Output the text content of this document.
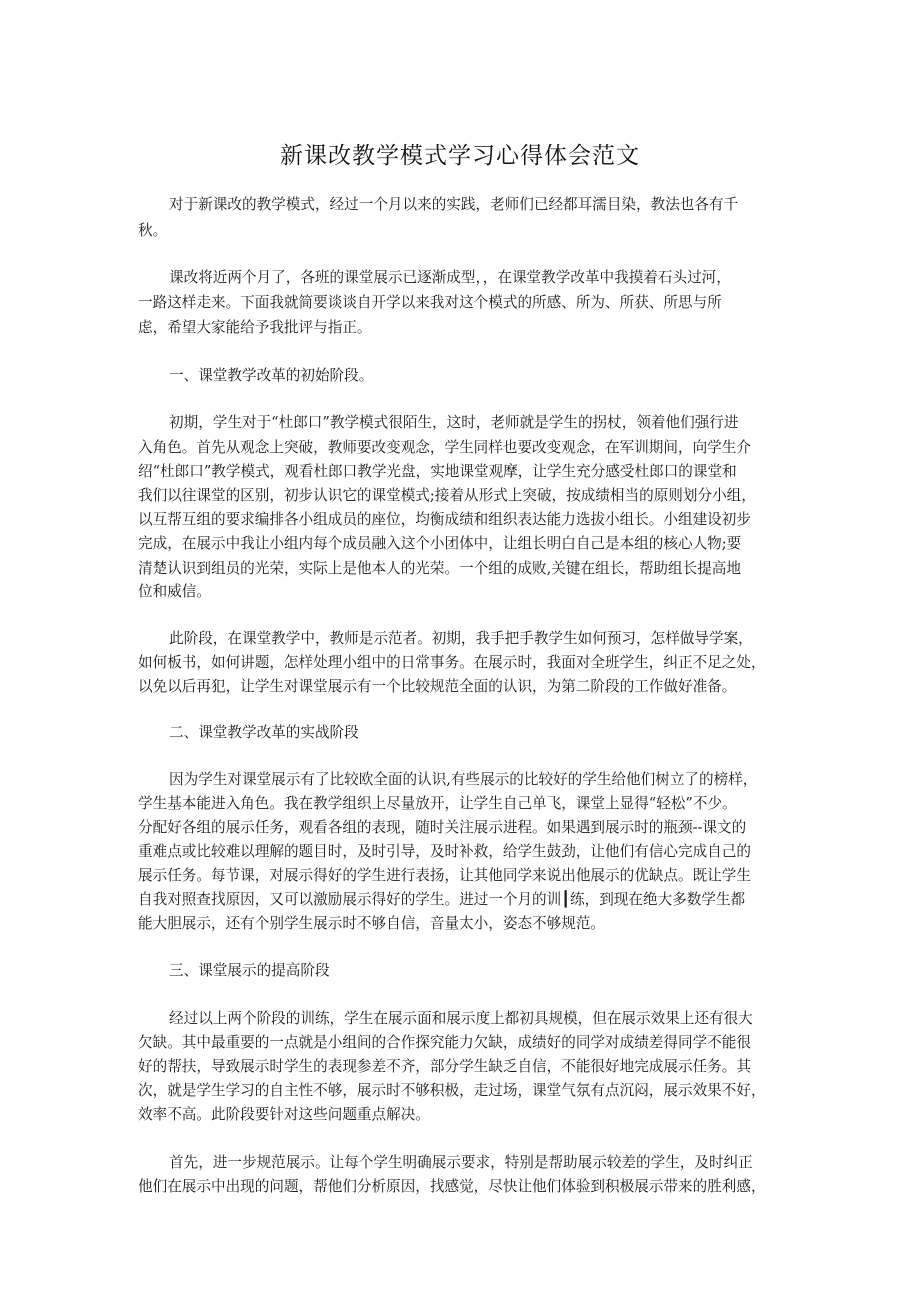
新课改教学模式学习心得体会范文
对于新课改的教学模式，经过一个月以来的实践，老师们已经都耳濡目染，教法也各有千
秋。
课改将近两个月了，各班的课堂展示已逐渐成型，，在课堂教学改革中我摸着石头过河，
一路这样走来。下面我就简要谈谈自开学以来我对这个模式的所感、所为、所获、所思与所
虑，希望大家能给予我批评与指正。
一、课堂教学改革的初始阶段。
初期，学生对于“杜郎口”教学模式很陌生，这时，老师就是学生的拐杖，领着他们强行进
入角色。首先从观念上突破，教师要改变观念，学生同样也要改变观念，在军训期间，向学生介
绍“杜郎口”教学模式，观看杜郎口教学光盘，实地课堂观摩，让学生充分感受杜郎口的课堂和
我们以往课堂的区别，初步认识它的课堂模式;接着从形式上突破，按成绩相当的原则划分小组，
以互帮互组的要求编排各小组成员的座位，均衡成绩和组织表达能力选拔小组长。小组建设初步
完成，在展示中我让小组内每个成员融入这个小团体中，让组长明白自己是本组的核心人物;要
清楚认识到组员的光荣，实际上是他本人的光荣。一个组的成败,关键在组长，帮助组长提高地
位和威信。
此阶段，在课堂教学中，教师是示范者。初期，我手把手教学生如何预习，怎样做导学案，
如何板书，如何讲题，怎样处理小组中的日常事务。在展示时，我面对全班学生，纠正不足之处，
以免以后再犯，让学生对课堂展示有一个比较规范全面的认识，为第二阶段的工作做好准备。
二、课堂教学改革的实战阶段
因为学生对课堂展示有了比较欧全面的认识,有些展示的比较好的学生给他们树立了的榜样，
学生基本能进入角色。我在教学组织上尽量放开，让学生自己单飞，课堂上显得“轻松”不少。
分配好各组的展示任务，观看各组的表现，随时关注展示进程。如果遇到展示时的瓶颈--课文的
重难点或比较难以理解的题目时，及时引导，及时补救，给学生鼓劲，让他们有信心完成自己的
展示任务。每节课，对展示得好的学生进行表扬，让其他同学来说出他展示的优缺点。既让学生
自我对照查找原因，又可以激励展示得好的学生。进过一个月的训┃练，到现在绝大多数学生都
能大胆展示，还有个别学生展示时不够自信，音量太小，姿态不够规范。
三、课堂展示的提高阶段
经过以上两个阶段的训练，学生在展示面和展示度上都初具规模，但在展示效果上还有很大
欠缺。其中最重要的一点就是小组间的合作探究能力欠缺，成绩好的同学对成绩差得同学不能很
好的帮扶，导致展示时学生的表现参差不齐，部分学生缺乏自信，不能很好地完成展示任务。其
次，就是学生学习的自主性不够，展示时不够积极，走过场，课堂气氛有点沉闷，展示效果不好，
效率不高。此阶段要针对这些问题重点解决。
首先，进一步规范展示。让每个学生明确展示要求，特别是帮助展示较差的学生，及时纠正
他们在展示中出现的问题，帮他们分析原因，找感觉，尽快让他们体验到积极展示带来的胜利感，
